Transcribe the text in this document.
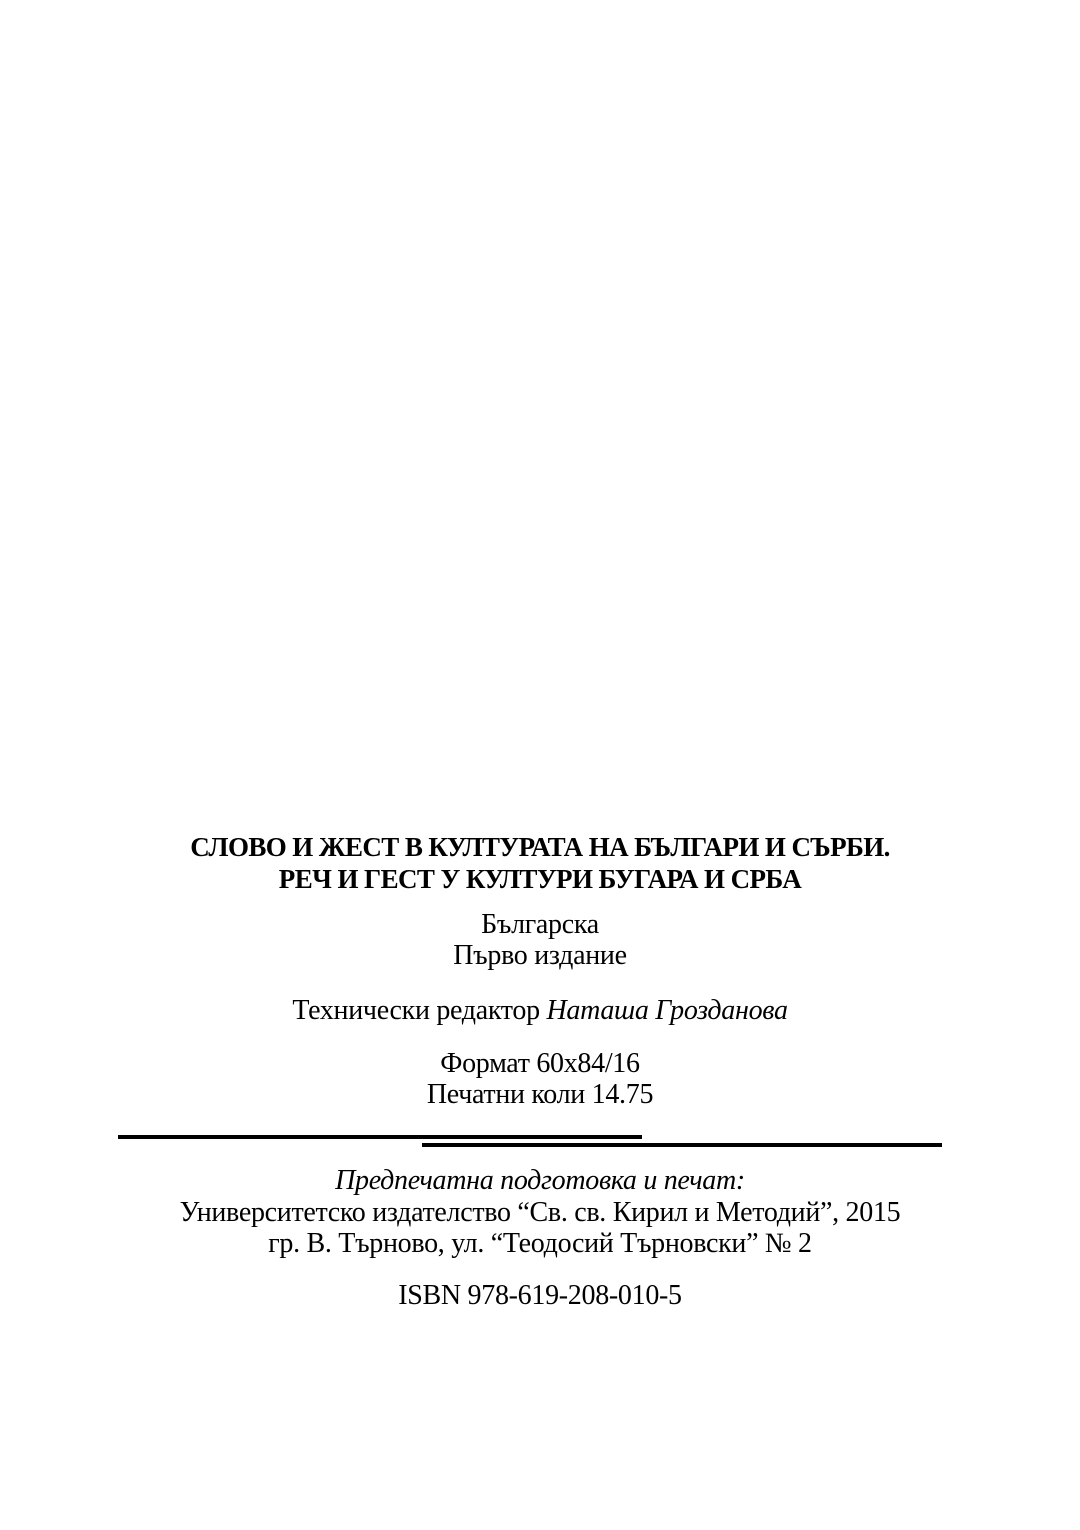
СЛОВО И ЖЕСТ В КУЛТУРАТА НА БЪЛГАРИ И СЪРБИ.
РЕЧ И ГЕСТ У КУЛТУРИ БУГАРА И СРБА
Българска
Първо издание
Технически редактор Наташа Грозданова
Формат 60x84/16
Печатни коли 14.75
Предпечатна подготовка и печат:
Университетско издателство “Св. св. Кирил и Методий”, 2015
гр. В. Търново, ул. “Теодосий Търновски” № 2
ISBN 978-619-208-010-5
